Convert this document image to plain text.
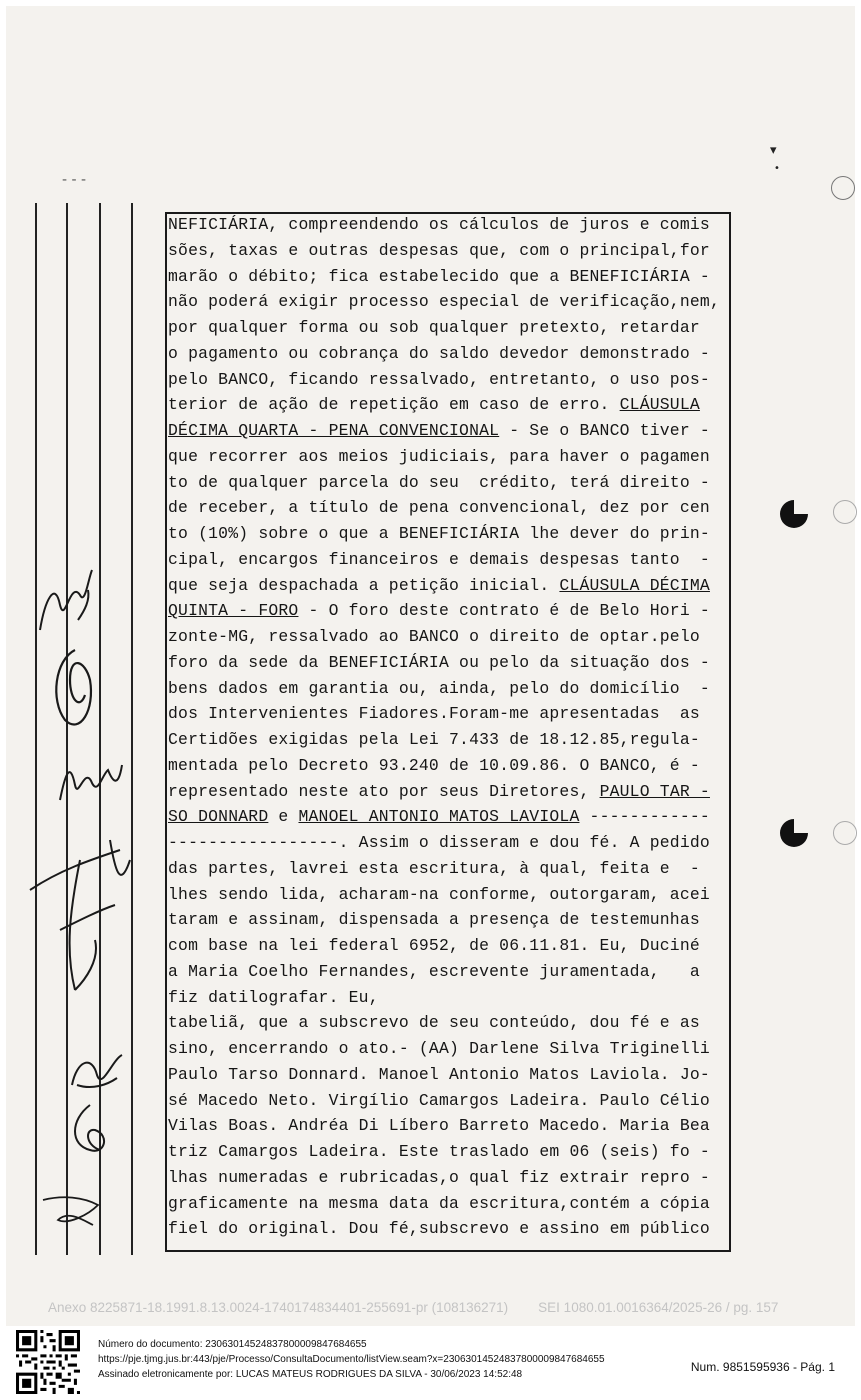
- - -
▾
•
NEFICIÁRIA, compreendendo os cálculos de juros e comis
sões, taxas e outras despesas que, com o principal,for
marão o débito; fica estabelecido que a BENEFICIÁRIA -
não poderá exigir processo especial de verificação,nem,
por qualquer forma ou sob qualquer pretexto, retardar
o pagamento ou cobrança do saldo devedor demonstrado -
pelo BANCO, ficando ressalvado, entretanto, o uso pos-
terior de ação de repetição em caso de erro. CLÁUSULA
DÉCIMA QUARTA - PENA CONVENCIONAL - Se o BANCO tiver -
que recorrer aos meios judiciais, para haver o pagamen
to de qualquer parcela do seu  crédito, terá direito -
de receber, a título de pena convencional, dez por cen
to (10%) sobre o que a BENEFICIÁRIA lhe dever do prin-
cipal, encargos financeiros e demais despesas tanto  -
que seja despachada a petição inicial. CLÁUSULA DÉCIMA
QUINTA - FORO - O foro deste contrato é de Belo Hori -
zonte-MG, ressalvado ao BANCO o direito de optar.pelo
foro da sede da BENEFICIÁRIA ou pelo da situação dos -
bens dados em garantia ou, ainda, pelo do domicílio  -
dos Intervenientes Fiadores.Foram-me apresentadas  as
Certidões exigidas pela Lei 7.433 de 18.12.85,regula-
mentada pelo Decreto 93.240 de 10.09.86. O BANCO, é -
representado neste ato por seus Diretores, PAULO TAR -
SO DONNARD e MANOEL ANTONIO MATOS LAVIOLA ------------
-----------------. Assim o disseram e dou fé. A pedido
das partes, lavrei esta escritura, à qual, feita e  -
lhes sendo lida, acharam-na conforme, outorgaram, acei
taram e assinam, dispensada a presença de testemunhas
com base na lei federal 6952, de 06.11.81. Eu, Duciné
a Maria Coelho Fernandes, escrevente juramentada,   a
fiz datilografar. Eu,
tabeliã, que a subscrevo de seu conteúdo, dou fé e as
sino, encerrando o ato.- (AA) Darlene Silva Triginelli
Paulo Tarso Donnard. Manoel Antonio Matos Laviola. Jo-
sé Macedo Neto. Virgílio Camargos Ladeira. Paulo Célio
Vilas Boas. Andréa Di Líbero Barreto Macedo. Maria Bea
triz Camargos Ladeira. Este traslado em 06 (seis) fo -
lhas numeradas e rubricadas,o qual fiz extrair repro -
graficamente na mesma data da escritura,contém a cópia
fiel do original. Dou fé,subscrevo e assino em público
Anexo 8225871-18.1991.8.13.0024-1740174834401-255691-pr (108136271) SEI 1080.01.0016364/2025-26 / pg. 157
Número do documento: 23063014524837800009847684655
https://pje.tjmg.jus.br:443/pje/Processo/ConsultaDocumento/listView.seam?x=23063014524837800009847684655
Assinado eletronicamente por: LUCAS MATEUS RODRIGUES DA SILVA - 30/06/2023 14:52:48
Num. 9851595936 - Pág. 1
